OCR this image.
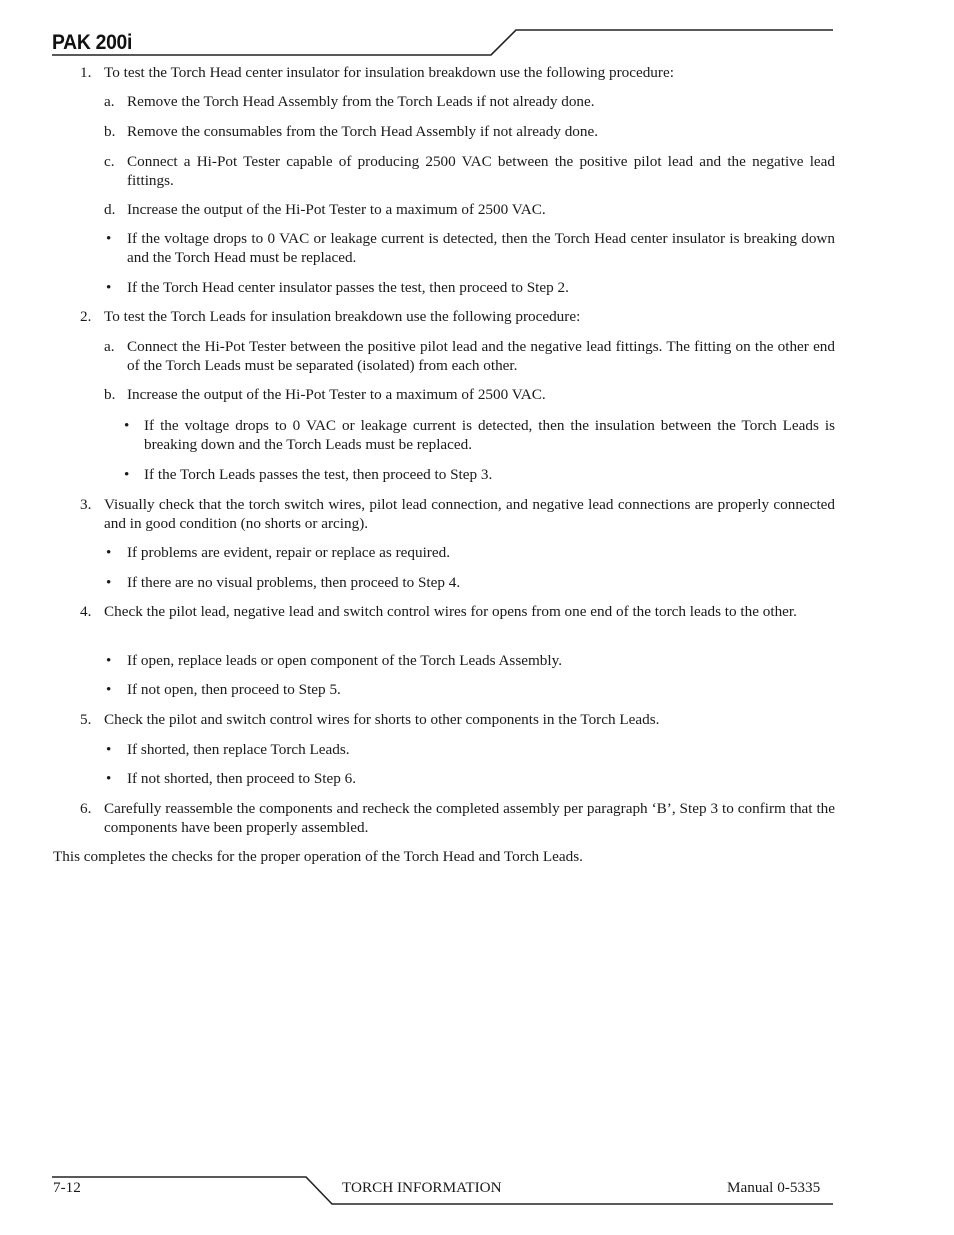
PAK 200i
1. To test the Torch Head center insulator for insulation breakdown use the following procedure:
a. Remove the Torch Head Assembly from the Torch Leads if not already done.
b. Remove the consumables from the Torch Head Assembly if not already done.
c. Connect a Hi-Pot Tester capable of producing 2500 VAC between the positive pilot lead and the negative lead fittings.
d. Increase the output of the Hi-Pot Tester to a maximum of 2500 VAC.
• If the voltage drops to 0 VAC or leakage current is detected, then the Torch Head center insulator is breaking down and the Torch Head must be replaced.
• If the Torch Head center insulator passes the test, then proceed to Step 2.
2. To test the Torch Leads for insulation breakdown use the following procedure:
a. Connect the Hi-Pot Tester between the positive pilot lead and the negative lead fittings. The fitting on the other end of the Torch Leads must be separated (isolated) from each other.
b. Increase the output of the Hi-Pot Tester to a maximum of 2500 VAC.
• If the voltage drops to 0 VAC or leakage current is detected, then the insulation between the Torch Leads is breaking down and the Torch Leads must be replaced.
• If the Torch Leads passes the test, then proceed to Step 3.
3. Visually check that the torch switch wires, pilot lead connection, and negative lead connections are properly connected and in good condition (no shorts or arcing).
• If problems are evident, repair or replace as required.
• If there are no visual problems, then proceed to Step 4.
4. Check the pilot lead, negative lead and switch control wires for opens from one end of the torch leads to the other.
• If open, replace leads or open component of the Torch Leads Assembly.
• If not open, then proceed to Step 5.
5. Check the pilot and switch control wires for shorts to other components in the Torch Leads.
• If shorted, then replace Torch Leads.
• If not shorted, then proceed to Step 6.
6. Carefully reassemble the components and recheck the completed assembly per paragraph ‘B’, Step 3 to confirm that the components have been properly assembled.
This completes the checks for the proper operation of the Torch Head and Torch Leads.
7-12	TORCH INFORMATION	Manual 0-5335
